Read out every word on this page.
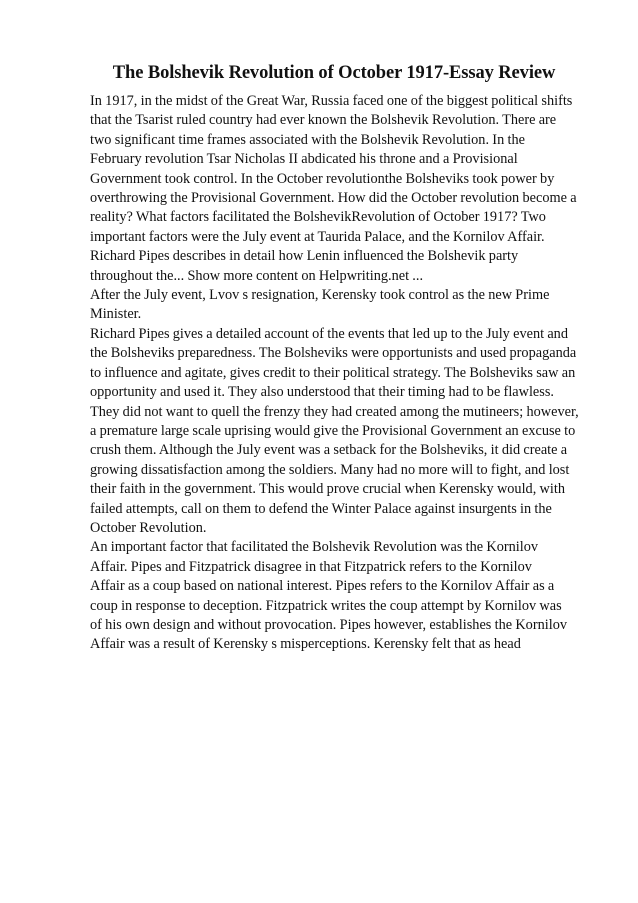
The Bolshevik Revolution of October 1917-Essay Review

In 1917, in the midst of the Great War, Russia faced one of the biggest political shifts
that the Tsarist ruled country had ever known the Bolshevik Revolution. There are
two significant time frames associated with the Bolshevik Revolution. In the
February revolution Tsar Nicholas II abdicated his throne and a Provisional
Government took control. In the October revolutionthe Bolsheviks took power by
overthrowing the Provisional Government. How did the October revolution become a
reality? What factors facilitated the BolshevikRevolution of October 1917? Two
important factors were the July event at Taurida Palace, and the Kornilov Affair.
Richard Pipes describes in detail how Lenin influenced the Bolshevik party
throughout the... Show more content on Helpwriting.net ...

After the July event, Lvov s resignation, Kerensky took control as the new Prime
Minister.

Richard Pipes gives a detailed account of the events that led up to the July event and
the Bolsheviks preparedness. The Bolsheviks were opportunists and used propaganda
to influence and agitate, gives credit to their political strategy. The Bolsheviks saw an
opportunity and used it. They also understood that their timing had to be flawless.
They did not want to quell the frenzy they had created among the mutineers; however,
a premature large scale uprising would give the Provisional Government an excuse to
crush them. Although the July event was a setback for the Bolsheviks, it did create a
growing dissatisfaction among the soldiers. Many had no more will to fight, and lost
their faith in the government. This would prove crucial when Kerensky would, with
failed attempts, call on them to defend the Winter Palace against insurgents in the
October Revolution.

An important factor that facilitated the Bolshevik Revolution was the Kornilov
Affair. Pipes and Fitzpatrick disagree in that Fitzpatrick refers to the Kornilov
Affair as a coup based on national interest. Pipes refers to the Kornilov Affair as a
coup in response to deception. Fitzpatrick writes the coup attempt by Kornilov was
of his own design and without provocation. Pipes however, establishes the Kornilov
Affair was a result of Kerensky s misperceptions. Kerensky felt that as head
